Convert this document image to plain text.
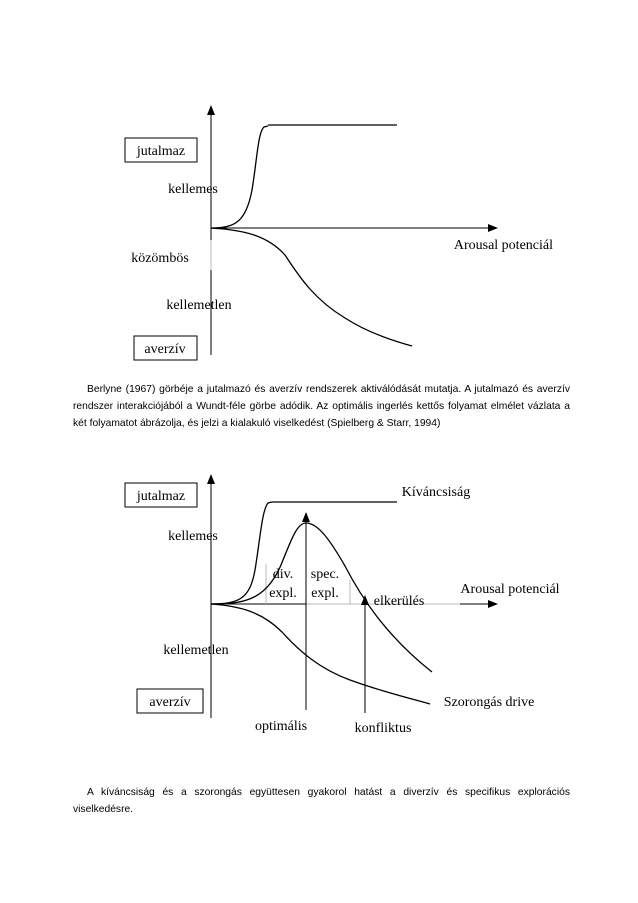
jutalmaz
kellemes
közömbös
kellemetlen
averzív
Arousal potenciál
jutalmaz
kellemes
kellemetlen
averzív
Kíváncsiság
Arousal potenciál
div.
expl.
spec.
expl.
elkerülés
Szorongás drive
optimális	konfliktus

Berlyne (1967) görbéje a jutalmazó és averzív rendszerek aktiválódását mutatja. A jutalmazó és averzív rendszer interakciójából a Wundt-féle görbe adódik. Az optimális ingerlés kettős folyamat elmélet vázlata a két folyamatot ábrázolja, és jelzi a kialakuló viselkedést (Spielberg & Starr, 1994)

A kíváncsiság és a szorongás együttesen gyakorol hatást a diverzív és specifikus explorációs viselkedésre.
